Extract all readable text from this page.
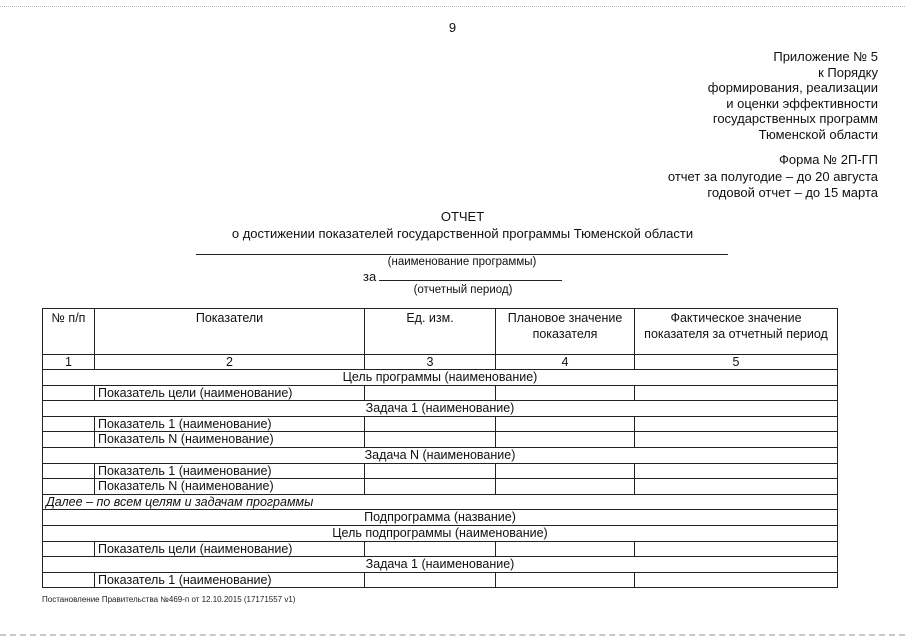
9
Приложение № 5
к Порядку
формирования, реализации
и оценки эффективности
государственных программ
Тюменской области
Форма № 2П-ГП
отчет за полугодие – до 20 августа
годовой отчет – до 15 марта
ОТЧЕТ
о достижении показателей государственной программы Тюменской области
(наименование программы)
за
(отчетный период)
№ п/п	Показатели	Ед. изм.	Плановое значение показателя	Фактическое значение показателя за отчетный период
1	2	3	4	5
Цель программы (наименование)				
	Показатель цели (наименование)			
Задача 1 (наименование)				
	Показатель 1 (наименование)			
	Показатель N (наименование)			
Задача N (наименование)				
	Показатель 1 (наименование)			
	Показатель N (наименование)			
Далее – по всем целям и задачам программы				
Подпрограмма (название)				
Цель подпрограммы (наименование)				
	Показатель цели (наименование)			
Задача 1 (наименование)				
	Показатель 1 (наименование)			
Постановление Правительства №469-п от 12.10.2015 (17171557 v1)
